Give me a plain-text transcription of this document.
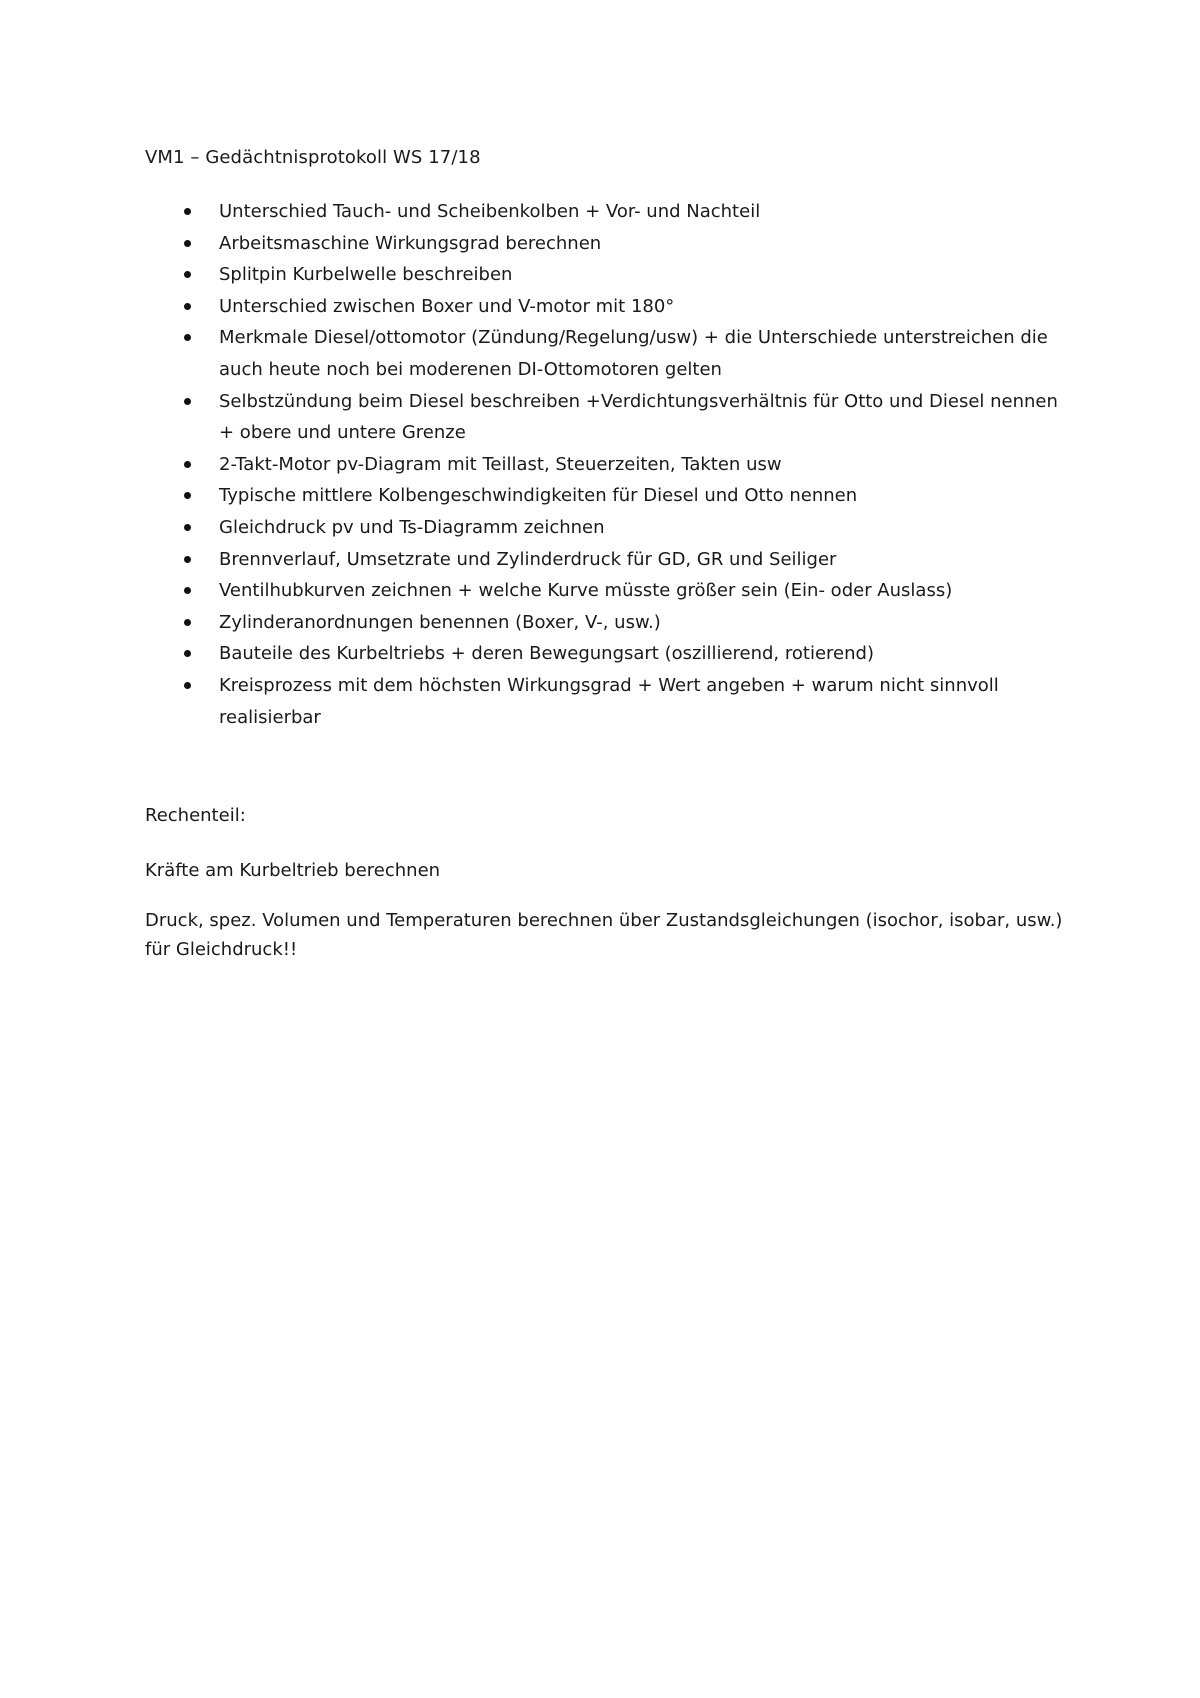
VM1 – Gedächtnisprotokoll WS 17/18
Unterschied Tauch- und Scheibenkolben + Vor- und Nachteil
Arbeitsmaschine Wirkungsgrad berechnen
Splitpin Kurbelwelle beschreiben
Unterschied zwischen Boxer und V-motor mit 180°
Merkmale Diesel/ottomotor (Zündung/Regelung/usw) + die Unterschiede unterstreichen die auch heute noch bei moderenen DI-Ottomotoren gelten
Selbstzündung beim Diesel beschreiben +Verdichtungsverhältnis für Otto und Diesel nennen + obere und untere Grenze
2-Takt-Motor pv-Diagram mit Teillast, Steuerzeiten, Takten usw
Typische mittlere Kolbengeschwindigkeiten für Diesel und Otto nennen
Gleichdruck pv und Ts-Diagramm zeichnen
Brennverlauf, Umsetzrate und Zylinderdruck für GD, GR und Seiliger
Ventilhubkurven zeichnen + welche Kurve müsste größer sein (Ein- oder Auslass)
Zylinderanordnungen benennen (Boxer, V-, usw.)
Bauteile des Kurbeltriebs + deren Bewegungsart (oszillierend, rotierend)
Kreisprozess mit dem höchsten Wirkungsgrad + Wert angeben + warum nicht sinnvoll realisierbar
Rechenteil:

Kräfte am Kurbeltrieb berechnen

Druck, spez. Volumen und Temperaturen berechnen über Zustandsgleichungen (isochor, isobar, usw.) für Gleichdruck!!
